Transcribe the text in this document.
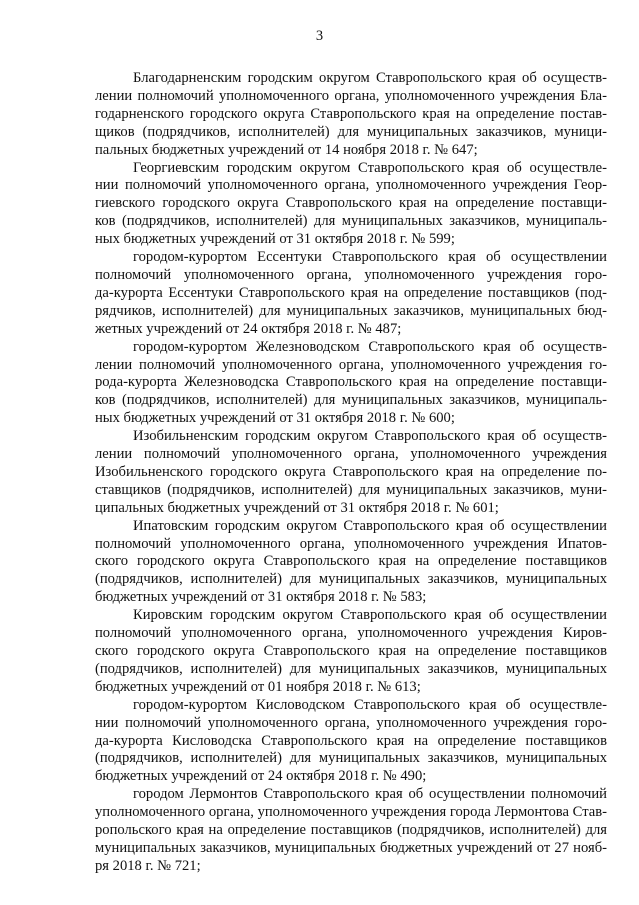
3
Благодарненским городским округом Ставропольского края об осуществ-
лении полномочий уполномоченного органа, уполномоченного учреждения Бла-
годарненского городского округа Ставропольского края на определение постав-
щиков (подрядчиков, исполнителей) для муниципальных заказчиков, муници-
пальных бюджетных учреждений от 14 ноября 2018 г. № 647;
Георгиевским городским округом Ставропольского края об осуществле-
нии полномочий уполномоченного органа, уполномоченного учреждения Геор-
гиевского городского округа Ставропольского края на определение поставщи-
ков (подрядчиков, исполнителей) для муниципальных заказчиков, муниципаль-
ных бюджетных учреждений от 31 октября 2018 г. № 599;
городом-курортом Ессентуки Ставропольского края об осуществлении
полномочий уполномоченного органа, уполномоченного учреждения горо-
да-курорта Ессентуки Ставропольского края на определение поставщиков (под-
рядчиков, исполнителей) для муниципальных заказчиков, муниципальных бюд-
жетных учреждений от 24 октября 2018 г. № 487;
городом-курортом Железноводском Ставропольского края об осуществ-
лении полномочий уполномоченного органа, уполномоченного учреждения го-
рода-курорта Железноводска Ставропольского края на определение поставщи-
ков (подрядчиков, исполнителей) для муниципальных заказчиков, муниципаль-
ных бюджетных учреждений от 31 октября 2018 г. № 600;
Изобильненским городским округом Ставропольского края об осуществ-
лении полномочий уполномоченного органа, уполномоченного учреждения
Изобильненского городского округа Ставропольского края на определение по-
ставщиков (подрядчиков, исполнителей) для муниципальных заказчиков, муни-
ципальных бюджетных учреждений от 31 октября 2018 г. № 601;
Ипатовским городским округом Ставропольского края об осуществлении
полномочий уполномоченного органа, уполномоченного учреждения Ипатов-
ского городского округа Ставропольского края на определение поставщиков
(подрядчиков, исполнителей) для муниципальных заказчиков, муниципальных
бюджетных учреждений от 31 октября 2018 г. № 583;
Кировским городским округом Ставропольского края об осуществлении
полномочий уполномоченного органа, уполномоченного учреждения Киров-
ского городского округа Ставропольского края на определение поставщиков
(подрядчиков, исполнителей) для муниципальных заказчиков, муниципальных
бюджетных учреждений от 01 ноября 2018 г. № 613;
городом-курортом Кисловодском Ставропольского края об осуществле-
нии полномочий уполномоченного органа, уполномоченного учреждения горо-
да-курорта Кисловодска Ставропольского края на определение поставщиков
(подрядчиков, исполнителей) для муниципальных заказчиков, муниципальных
бюджетных учреждений от 24 октября 2018 г. № 490;
городом Лермонтов Ставропольского края об осуществлении полномочий
уполномоченного органа, уполномоченного учреждения города Лермонтова Став-
ропольского края на определение поставщиков (подрядчиков, исполнителей) для
муниципальных заказчиков, муниципальных бюджетных учреждений от 27 нояб-
ря 2018 г. № 721;
